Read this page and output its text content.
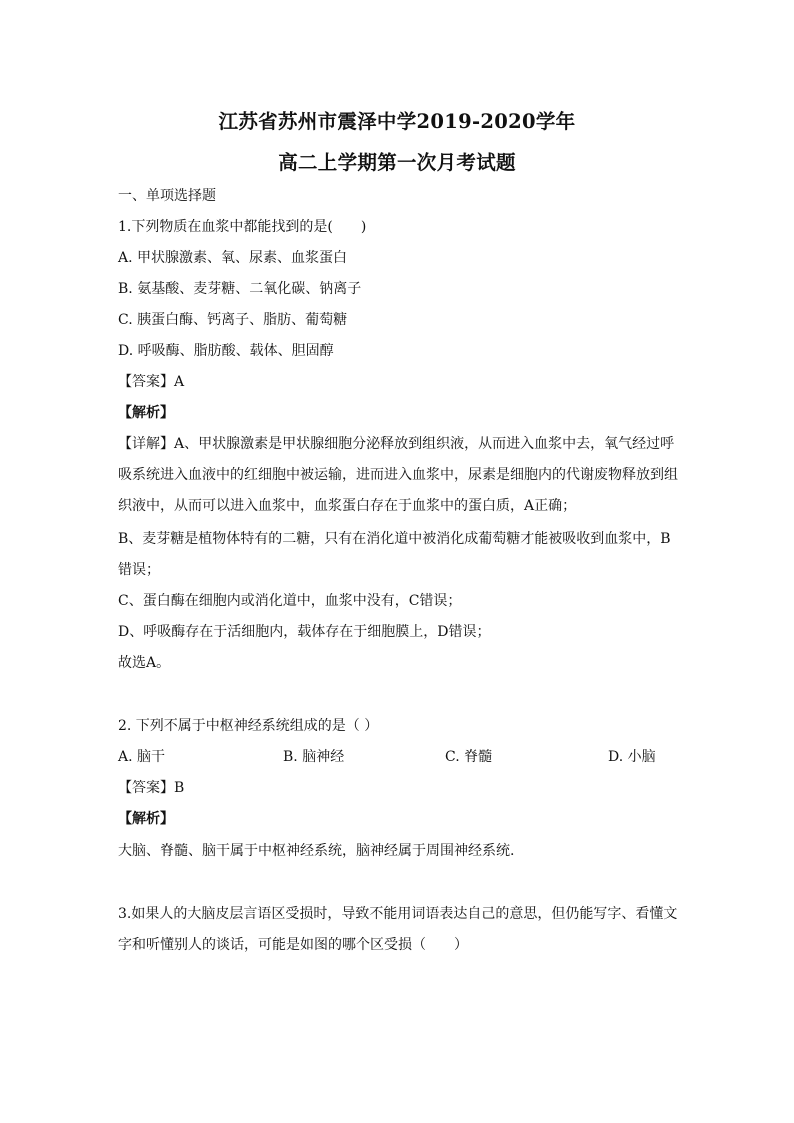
江苏省苏州市震泽中学2019-2020学年
高二上学期第一次月考试题
一、单项选择题
1.下列物质在血浆中都能找到的是(　　)
A. 甲状腺激素、氧、尿素、血浆蛋白
B. 氨基酸、麦芽糖、二氧化碳、钠离子
C. 胰蛋白酶、钙离子、脂肪、葡萄糖
D. 呼吸酶、脂肪酸、载体、胆固醇
【答案】A
【解析】
【详解】A、甲状腺激素是甲状腺细胞分泌释放到组织液，从而进入血浆中去，氧气经过呼
吸系统进入血液中的红细胞中被运输，进而进入血浆中，尿素是细胞内的代谢废物释放到组
织液中，从而可以进入血浆中，血浆蛋白存在于血浆中的蛋白质，A正确；
B、麦芽糖是植物体特有的二糖，只有在消化道中被消化成葡萄糖才能被吸收到血浆中，B
错误；
C、蛋白酶在细胞内或消化道中，血浆中没有，C错误；
D、呼吸酶存在于活细胞内，载体存在于细胞膜上，D错误；
故选A。
2. 下列不属于中枢神经系统组成的是（ ）
A. 脑干	B. 脑神经	C. 脊髓	D. 小脑
【答案】B
【解析】
大脑、脊髓、脑干属于中枢神经系统，脑神经属于周围神经系统.
3.如果人的大脑皮层言语区受损时，导致不能用词语表达自己的意思，但仍能写字、看懂文
字和听懂别人的谈话，可能是如图的哪个区受损（　　）
